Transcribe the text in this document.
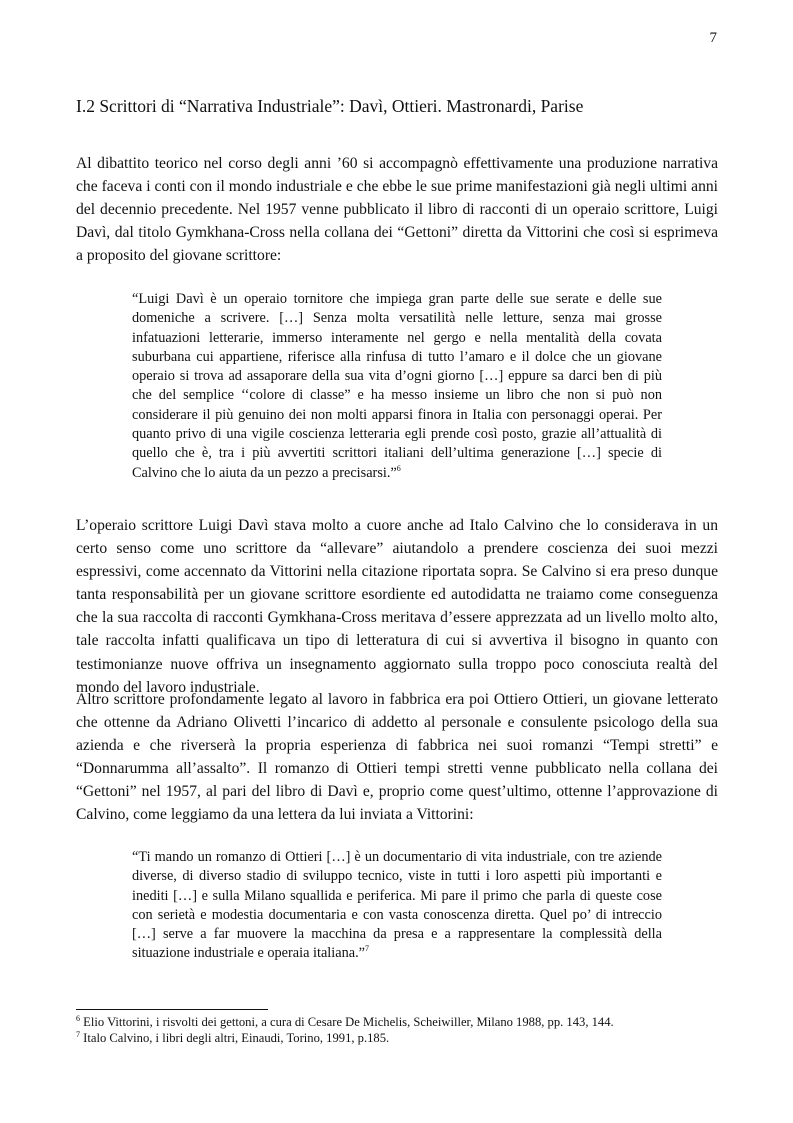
7
I.2 Scrittori di “Narrativa Industriale”: Davì, Ottieri. Mastronardi, Parise

Al dibattito teorico nel corso degli anni ’60 si accompagnò effettivamente una produzione narrativa che faceva i conti con il mondo industriale e che ebbe le sue prime manifestazioni già negli ultimi anni del decennio precedente. Nel 1957 venne pubblicato il libro di racconti di un operaio scrittore, Luigi Davì, dal titolo Gymkhana-Cross nella collana dei “Gettoni” diretta da Vittorini che così si esprimeva a proposito del giovane scrittore:

“Luigi Davì è un operaio tornitore che impiega gran parte delle sue serate e delle sue domeniche a scrivere. […] Senza molta versatilità nelle letture, senza mai grosse infatuazioni letterarie, immerso interamente nel gergo e nella mentalità della covata suburbana cui appartiene, riferisce alla rinfusa di tutto l’amaro e il dolce che un giovane operaio si trova ad assaporare della sua vita d’ogni giorno […] eppure sa darci ben di più che del semplice ‘‘colore di classe” e ha messo insieme un libro che non si può non considerare il più genuino dei non molti apparsi finora in Italia con personaggi operai. Per quanto privo di una vigile coscienza letteraria egli prende così posto, grazie all’attualità di quello che è, tra i più avvertiti scrittori italiani dell’ultima generazione […] specie di Calvino che lo aiuta da un pezzo a precisarsi.”$^6$

L’operaio scrittore Luigi Davì stava molto a cuore anche ad Italo Calvino che lo considerava in un certo senso come uno scrittore da “allevare” aiutandolo a prendere coscienza dei suoi mezzi espressivi, come accennato da Vittorini nella citazione riportata sopra. Se Calvino si era preso dunque tanta responsabilità per un giovane scrittore esordiente ed autodidatta ne traiamo come conseguenza che la sua raccolta di racconti Gymkhana-Cross meritava d’essere apprezzata ad un livello molto alto, tale raccolta infatti qualificava un tipo di letteratura di cui si avvertiva il bisogno in quanto con testimonianze nuove offriva un insegnamento aggiornato sulla troppo poco conosciuta realtà del mondo del lavoro industriale.

Altro scrittore profondamente legato al lavoro in fabbrica era poi Ottiero Ottieri, un giovane letterato che ottenne da Adriano Olivetti l’incarico di addetto al personale e consulente psicologo della sua azienda e che riverserà la propria esperienza di fabbrica nei suoi romanzi “Tempi stretti” e “Donnarumma all’assalto”. Il romanzo di Ottieri tempi stretti venne pubblicato nella collana dei “Gettoni” nel 1957, al pari del libro di Davì e, proprio come quest’ultimo, ottenne l’approvazione di Calvino, come leggiamo da una lettera da lui inviata a Vittorini:

“Ti mando un romanzo di Ottieri […] è un documentario di vita industriale, con tre aziende diverse, di diverso stadio di sviluppo tecnico, viste in tutti i loro aspetti più importanti e inediti […] e sulla Milano squallida e periferica. Mi pare il primo che parla di queste cose con serietà e modestia documentaria e con vasta conoscenza diretta. Quel po’ di intreccio […] serve a far muovere la macchina da presa e a rappresentare la complessità della situazione industriale e operaia italiana.”$^7$
$^6$ Elio Vittorini, i risvolti dei gettoni, a cura di Cesare De Michelis, Scheiwiller, Milano 1988, pp. 143, 144.
$^7$ Italo Calvino, i libri degli altri, Einaudi, Torino, 1991, p.185.
